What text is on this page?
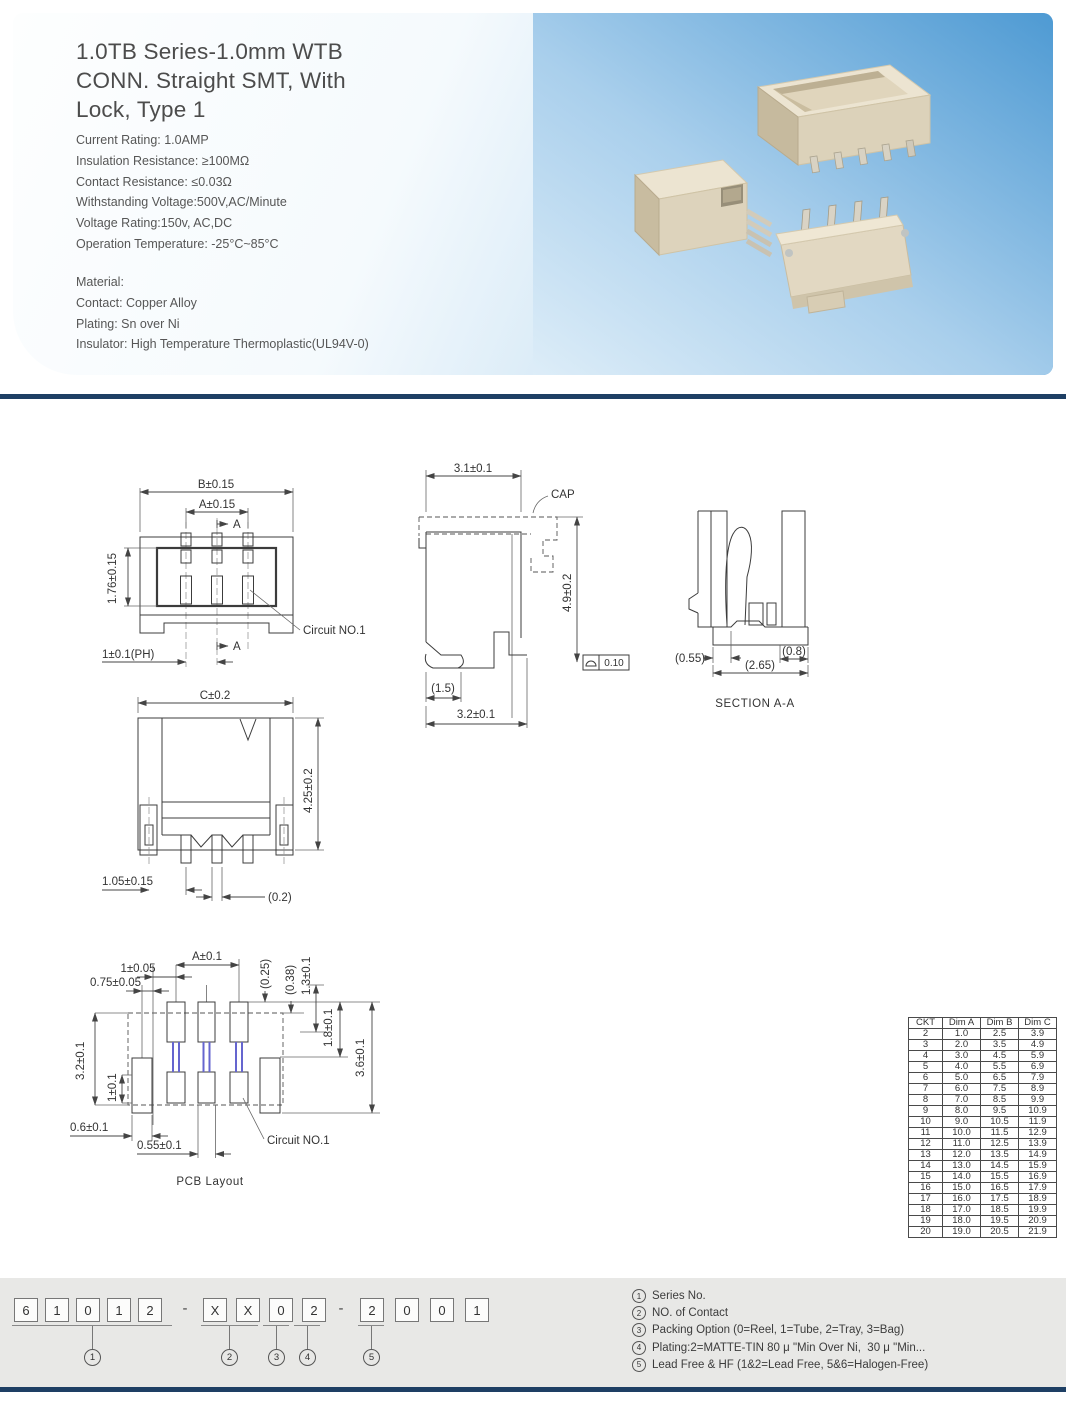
1.0TB Series-1.0mm WTB
CONN. Straight SMT, With
Lock, Type 1
Current Rating: 1.0AMP
Insulation Resistance: ≥100MΩ
Contact Resistance: ≤0.03Ω
Withstanding Voltage:500V,AC/Minute
Voltage Rating:150v, AC,DC
Operation Temperature: -25°C~85°C
Material:
Contact: Copper Alloy
Plating: Sn over Ni
Insulator: High Temperature Thermoplastic(UL94V-0)
B±0.15
A±0.15
A
1.76±0.15
1±0.1(PH)
A
Circuit NO.1
3.1±0.1
CAP
4.9±0.2
0.10
(1.5)
3.2±0.1
(0.55)
(0.8)
(2.65)
SECTION A-A
C±0.2
4.25±0.2
1.05±0.15
(0.2)
1±0.05
0.75±0.05
A±0.1
(0.25) (0.38) 1.3±0.1
1.8±0.1
3.6±0.1
3.2±0.1
1±0.1
0.6±0.1
0.55±0.1	Circuit NO.1
PCB Layout
CKT	Dim A	Dim B	Dim C
2	1.0	2.5	3.9
3	2.0	3.5	4.9
4	3.0	4.5	5.9
5	4.0	5.5	6.9
6	5.0	6.5	7.9
7	6.0	7.5	8.9
8	7.0	8.5	9.9
9	8.0	9.5	10.9
10	9.0	10.5	11.9
11	10.0	11.5	12.9
12	11.0	12.5	13.9
13	12.0	13.5	14.9
14	13.0	14.5	15.9
15	14.0	15.5	16.9
16	15.0	16.5	17.9
17	16.0	17.5	18.9
18	17.0	18.5	19.9
19	18.0	19.5	20.9
20	19.0	20.5	21.9
6	1	0	1	2	-	X	X	0	2	-	2	0	0	1
1	2	3	4	5
1 Series No.
2 NO. of Contact
3 Packing Option (0=Reel, 1=Tube, 2=Tray, 3=Bag)
4 Plating:2=MATTE-TIN 80 μ "Min Over Ni,  30 μ "Min...
5 Lead Free & HF (1&2=Lead Free, 5&6=Halogen-Free)
